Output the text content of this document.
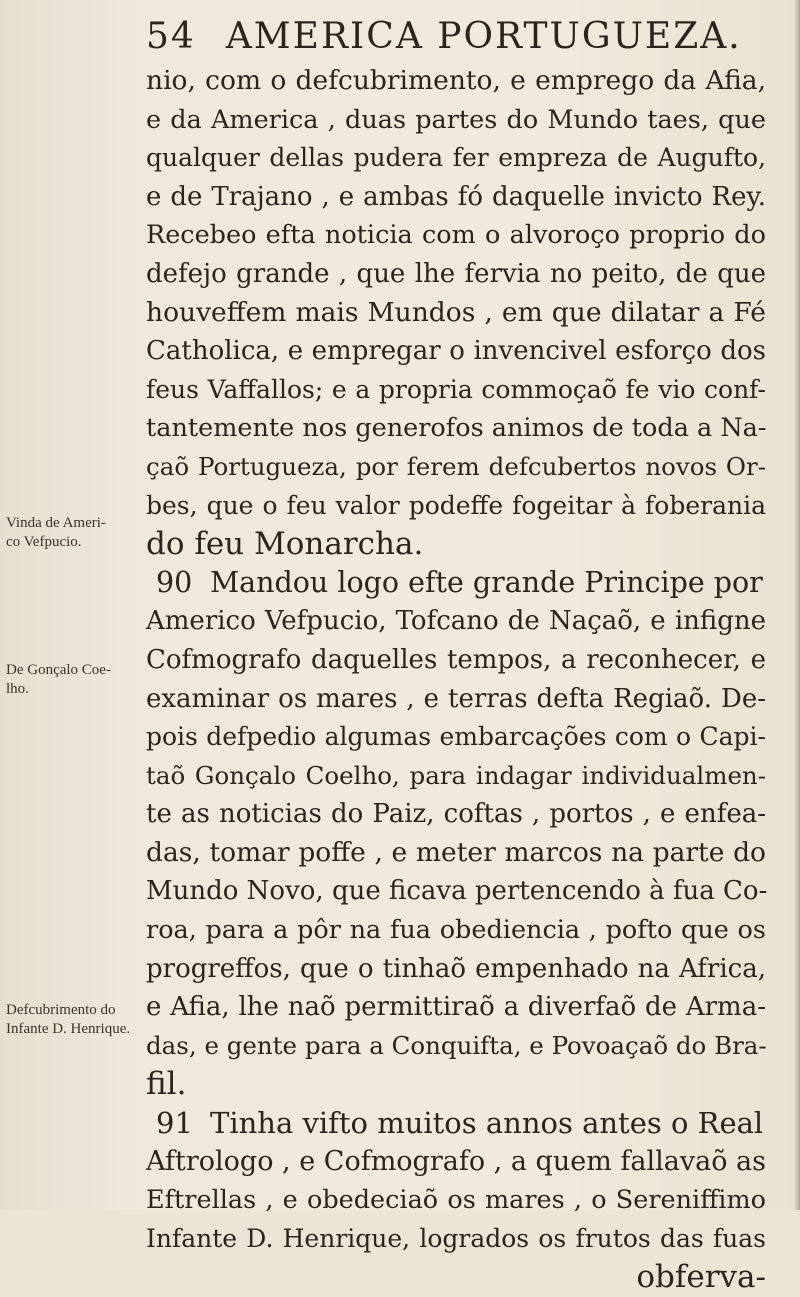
54 AMERICA PORTUGUEZA.
Vinda de Ameri-
co Vefpucio.
De Gonçalo Coe-
lho.
Defcubrimento do
Infante D. Henrique.
nio, com o defcubrimento, e emprego da Afia,
e da America , duas partes do Mundo taes, que
qualquer dellas pudera fer empreza de Augufto,
e de Trajano , e ambas fó daquelle invicto Rey.
Recebeo efta noticia com o alvoroço proprio do
defejo grande , que lhe fervia no peito, de que
houveffem mais Mundos , em que dilatar a Fé
Catholica, e empregar o invencivel esforço dos
feus Vaffallos; e a propria commoçaõ fe vio conf-
tantemente nos generofos animos de toda a Na-
çaõ Portugueza, por ferem defcubertos novos Or-
bes, que o feu valor podeffe fogeitar à foberania
do feu Monarcha.
90 Mandou logo efte grande Principe por
Americo Vefpucio, Tofcano de Naçaõ, e infigne
Cofmografo daquelles tempos, a reconhecer, e
examinar os mares , e terras defta Regiaõ. De-
pois defpedio algumas embarcações com o Capi-
taõ Gonçalo Coelho, para indagar individualmen-
te as noticias do Paiz, coftas , portos , e enfea-
das, tomar poffe , e meter marcos na parte do
Mundo Novo, que ficava pertencendo à fua Co-
roa, para a pôr na fua obediencia , pofto que os
progreffos, que o tinhaõ empenhado na Africa,
e Afia, lhe naõ permittiraõ a diverfaõ de Arma-
das, e gente para a Conquifta, e Povoaçaõ do Bra-
fil.
91 Tinha vifto muitos annos antes o Real
Aftrologo , e Cofmografo , a quem fallavaõ as
Eftrellas , e obedeciaõ os mares , o Sereniffimo
Infante D. Henrique, logrados os frutos das fuas
obferva-
